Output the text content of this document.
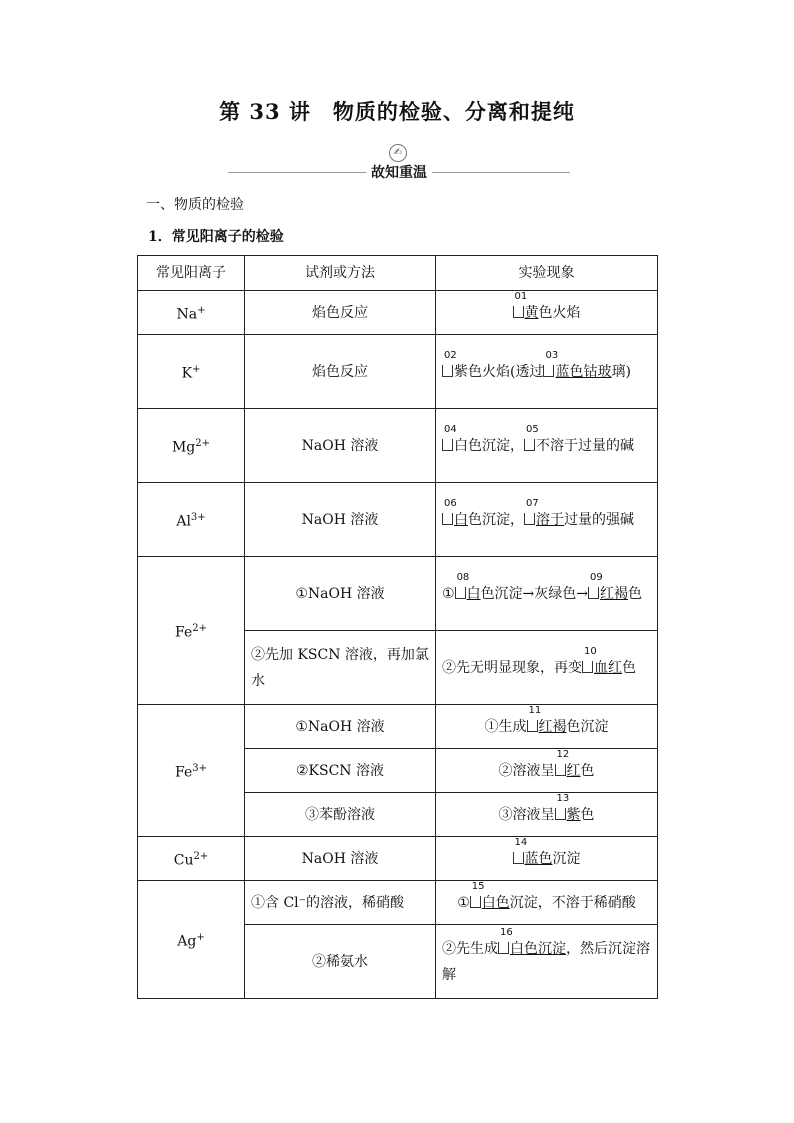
第 33 讲　物质的检验、分离和提纯
✍
故知重温
一、物质的检验
1．常见阳离子的检验
常见阳离子	试剂或方法	实验现象
Na+	焰色反应	01
黄色火焰
K+	焰色反应	02
紫色火焰(透过
03
蓝色钴玻璃)
$Mg^{2+}$	NaOH 溶液	04
白色沉淀，
05
不溶于过量的碱
$Al^{3+}$	NaOH 溶液	06
白色沉淀，
07
溶于过量的强碱
$Fe^{2+}$	①NaOH 溶液	①
08
白色沉淀→灰绿色→
09
红褐色
	②先加 KSCN 溶液，再加氯水	②先无明显现象，再变
10
血红色
$Fe^{3+}$	①NaOH 溶液	①生成
11
红褐色沉淀
	②KSCN 溶液	②溶液呈
12
红色
	③苯酚溶液	③溶液呈
13
紫色
$Cu^{2+}$	NaOH 溶液	14
蓝色沉淀
Ag+	①含 Cl⁻的溶液，稀硝酸	①
15
白色沉淀，不溶于稀硝酸
	②稀氨水	②先生成
16
白色沉淀，然后沉淀溶解
